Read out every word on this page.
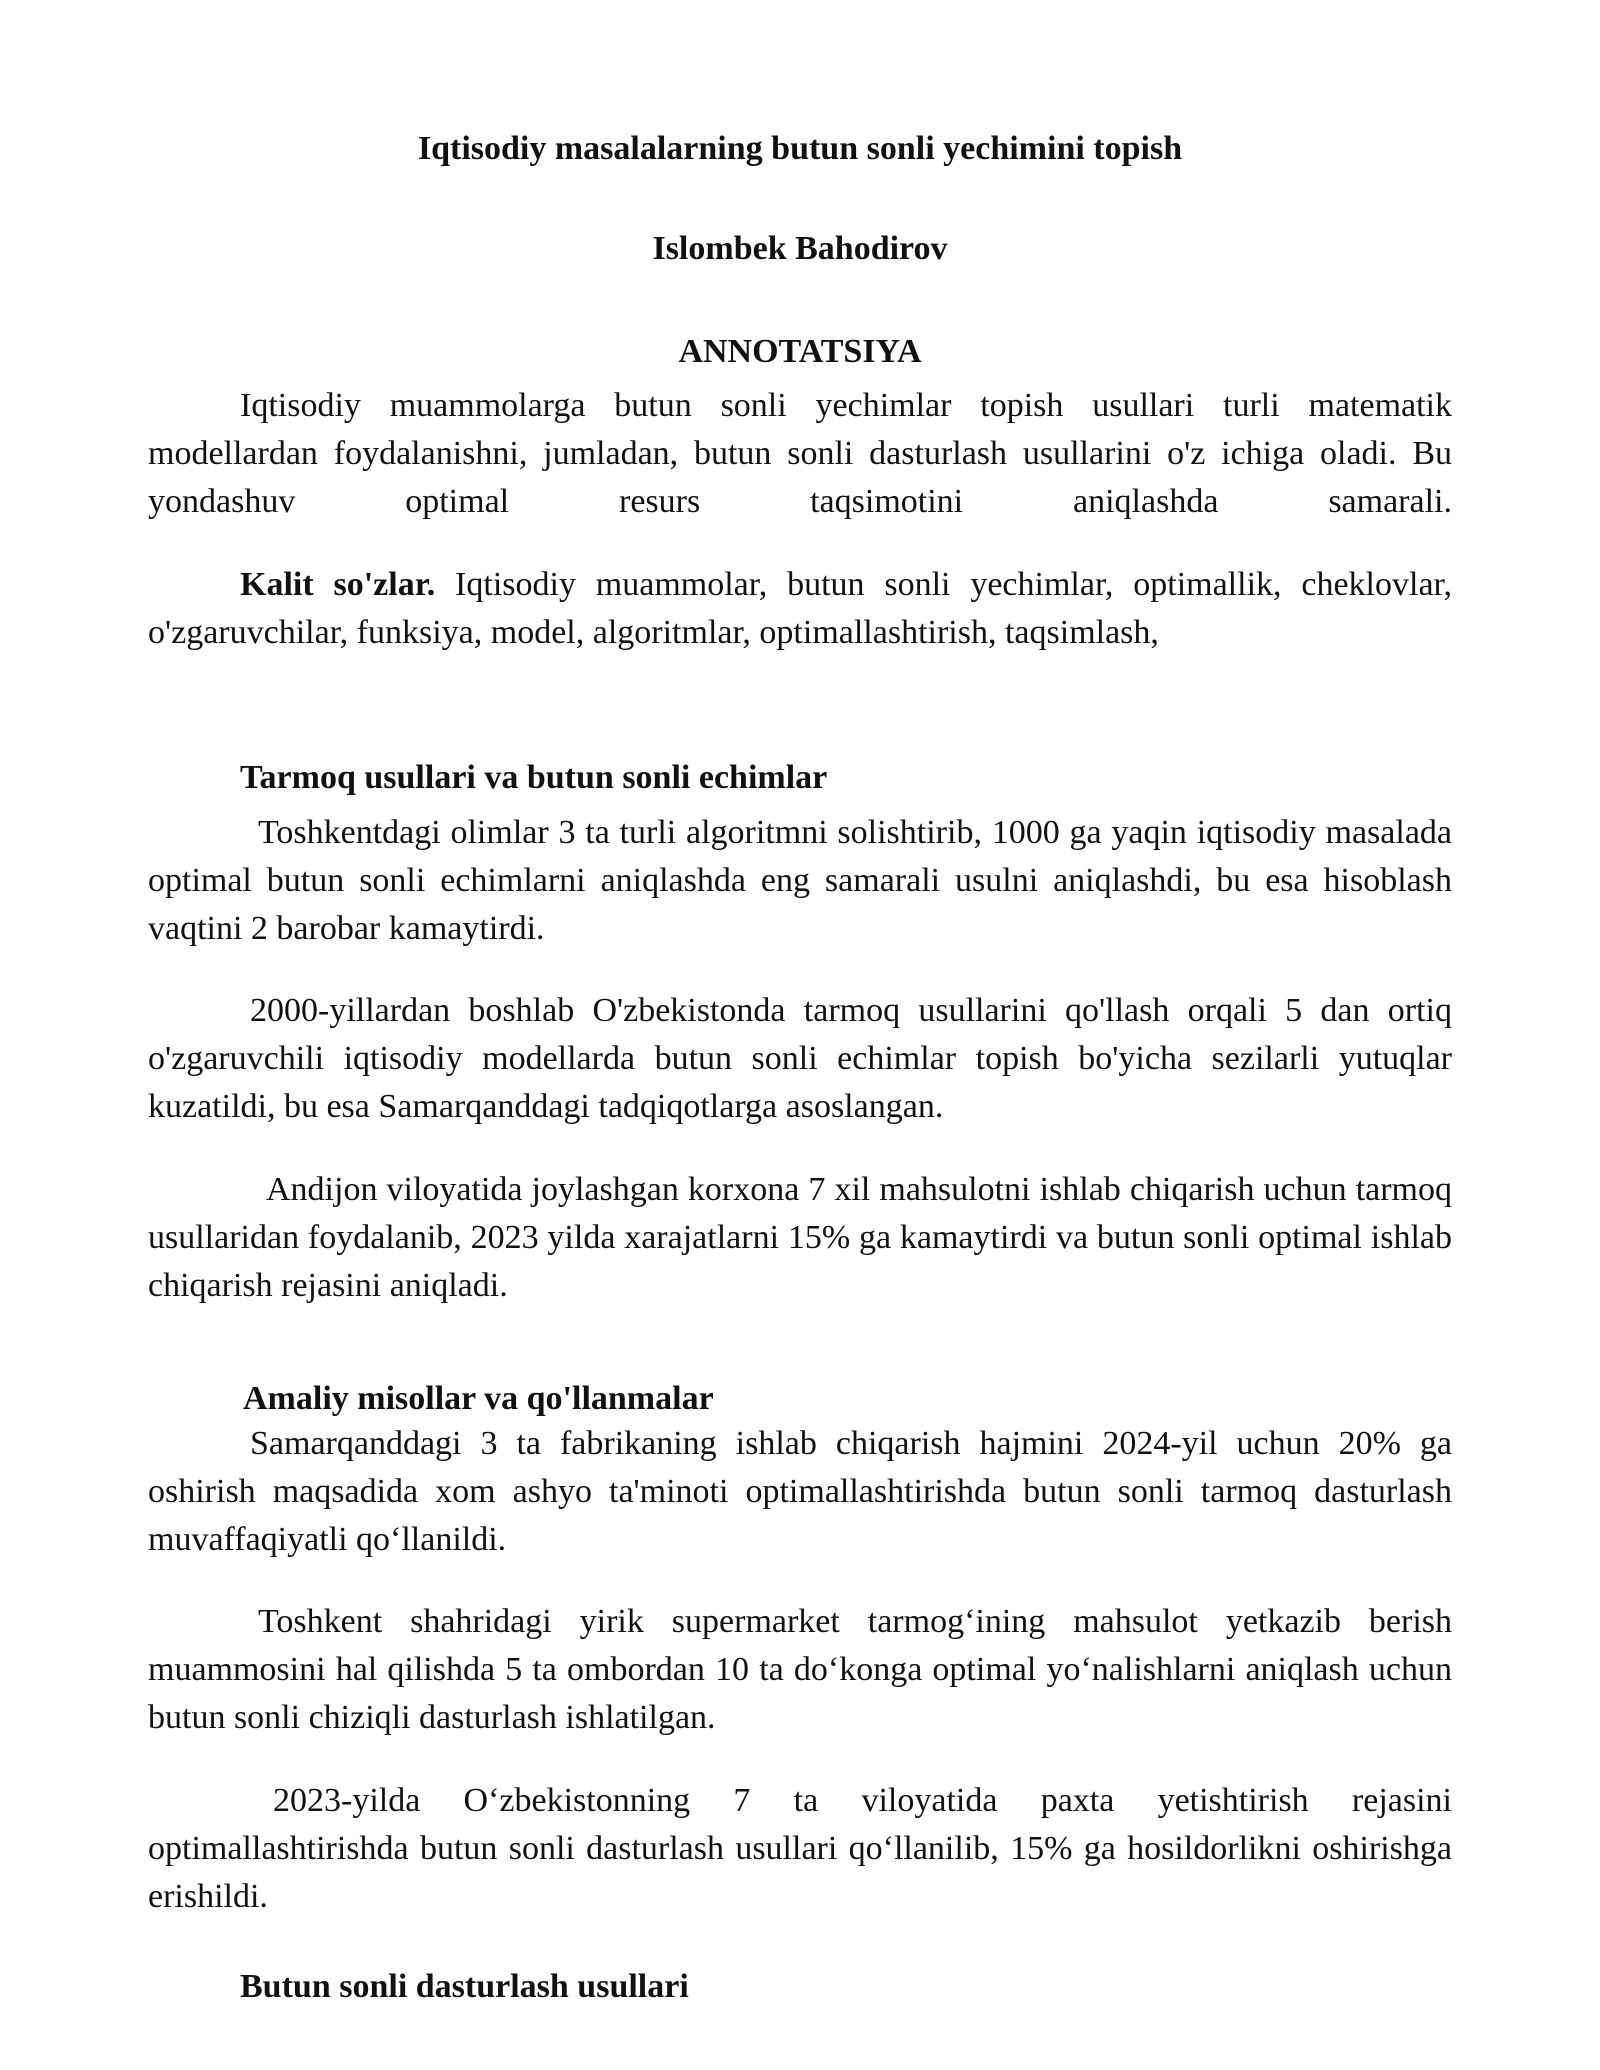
Iqtisodiy masalalarning butun sonli yechimini topish
Islombek Bahodirov
ANNOTATSIYA

Iqtisodiy muammolarga butun sonli yechimlar topish usullari turli matematik modellardan foydalanishni, jumladan, butun sonli dasturlash usullarini o'z ichiga oladi. Bu yondashuv optimal resurs taqsimotini aniqlashda samarali.

Kalit so'zlar. Iqtisodiy muammolar, butun sonli yechimlar, optimallik, cheklovlar, o'zgaruvchilar, funksiya, model, algoritmlar, optimallashtirish, taqsimlash,

Tarmoq usullari va butun sonli echimlar

Toshkentdagi olimlar 3 ta turli algoritmni solishtirib, 1000 ga yaqin iqtisodiy masalada optimal butun sonli echimlarni aniqlashda eng samarali usulni aniqlashdi, bu esa hisoblash vaqtini 2 barobar kamaytirdi.

2000-yillardan boshlab O'zbekistonda tarmoq usullarini qo'llash orqali 5 dan ortiq o'zgaruvchili iqtisodiy modellarda butun sonli echimlar topish bo'yicha sezilarli yutuqlar kuzatildi, bu esa Samarqanddagi tadqiqotlarga asoslangan.

Andijon viloyatida joylashgan korxona 7 xil mahsulotni ishlab chiqarish uchun tarmoq usullaridan foydalanib, 2023 yilda xarajatlarni 15% ga kamaytirdi va butun sonli optimal ishlab chiqarish rejasini aniqladi.

Amaliy misollar va qo'llanmalar

Samarqanddagi 3 ta fabrikaning ishlab chiqarish hajmini 2024-yil uchun 20% ga oshirish maqsadida xom ashyo ta'minoti optimallashtirishda butun sonli tarmoq dasturlash muvaffaqiyatli qo‘llanildi.

Toshkent shahridagi yirik supermarket tarmog‘ining mahsulot yetkazib berish muammosini hal qilishda 5 ta ombordan 10 ta do‘konga optimal yo‘nalishlarni aniqlash uchun butun sonli chiziqli dasturlash ishlatilgan.

2023-yilda O‘zbekistonning 7 ta viloyatida paxta yetishtirish rejasini optimallashtirishda butun sonli dasturlash usullari qo‘llanilib, 15% ga hosildorlikni oshirishga erishildi.

Butun sonli dasturlash usullari
